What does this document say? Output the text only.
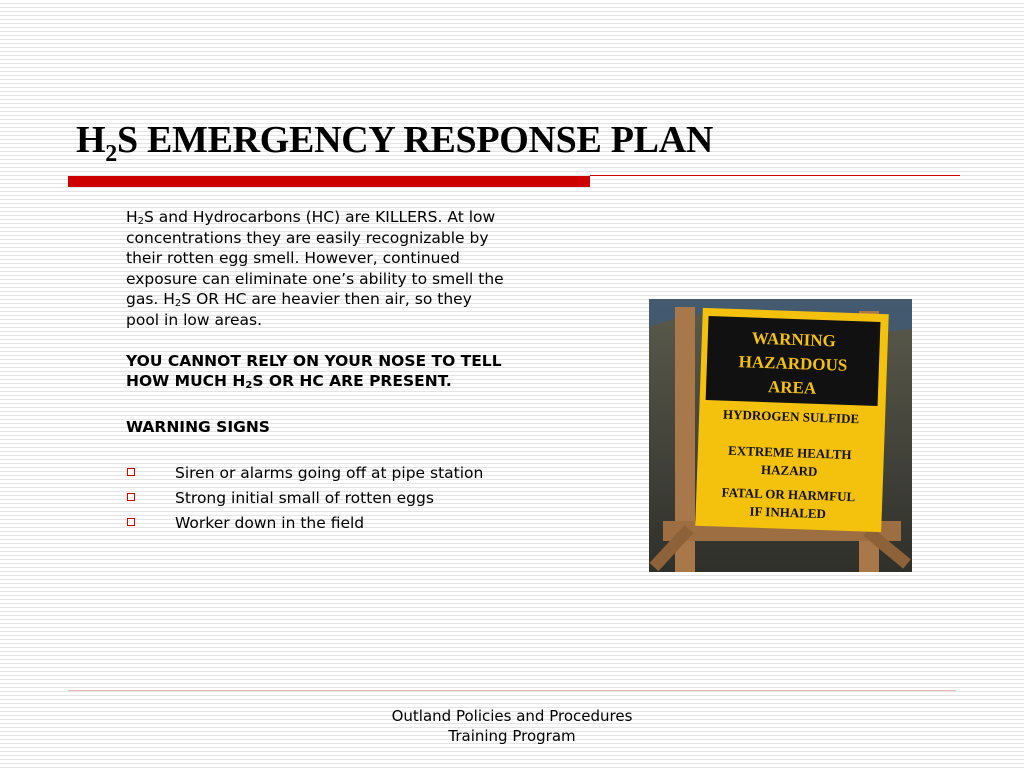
$H_2S$ EMERGENCY RESPONSE PLAN

$H_2S$ and Hydrocarbons (HC) are KILLERS. At low concentrations they are easily recognizable by their rotten egg smell. However, continued exposure can eliminate one’s ability to smell the gas. $H_2S$ OR HC are heavier then air, so they pool in low areas.

YOU CANNOT RELY ON YOUR NOSE TO TELL HOW MUCH $H_2S$ OR HC ARE PRESENT.

WARNING SIGNS

Siren or alarms going off at pipe station
Strong initial small of rotten eggs
Worker down in the field
WARNING
HAZARDOUS
AREA
HYDROGEN SULFIDE
EXTREME HEALTH
HAZARD
FATAL OR HARMFUL
IF INHALED
Outland Policies and Procedures
Training Program
